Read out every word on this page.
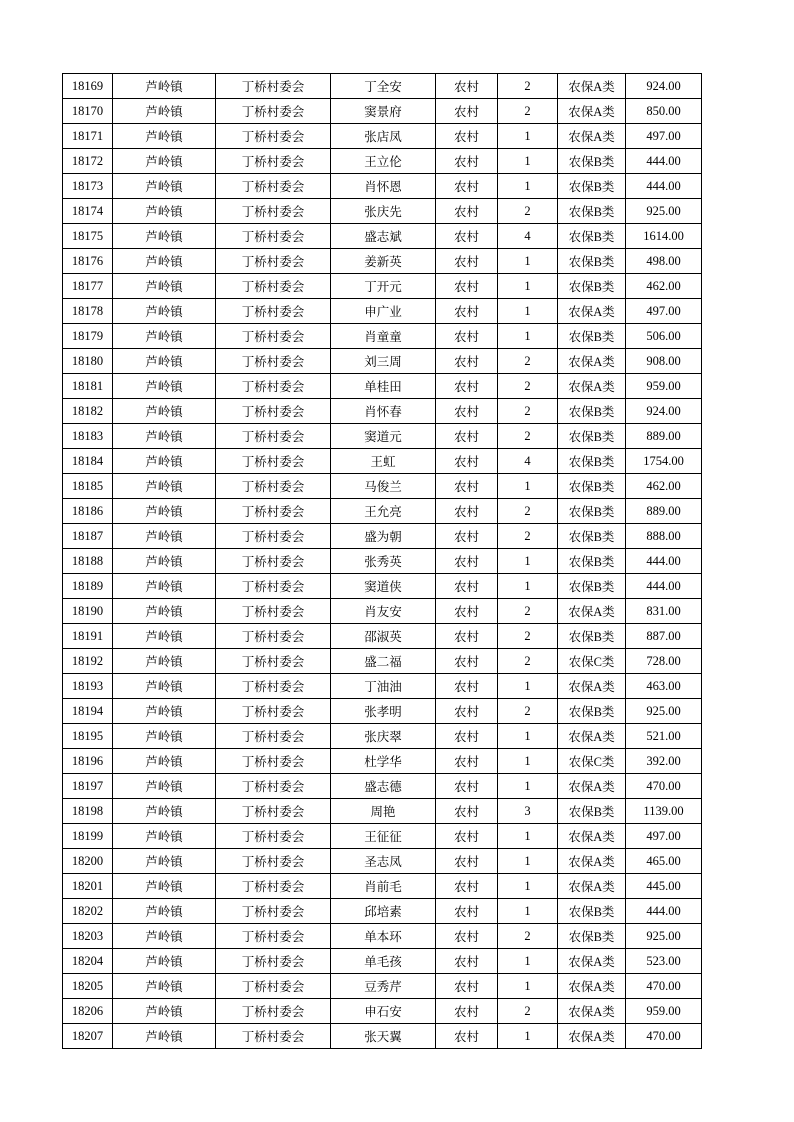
18169	芦岭镇	丁桥村委会	丁全安	农村	2	农保A类	924.00
18170	芦岭镇	丁桥村委会	窦景府	农村	2	农保A类	850.00
18171	芦岭镇	丁桥村委会	张店凤	农村	1	农保A类	497.00
18172	芦岭镇	丁桥村委会	王立伦	农村	1	农保B类	444.00
18173	芦岭镇	丁桥村委会	肖怀恩	农村	1	农保B类	444.00
18174	芦岭镇	丁桥村委会	张庆先	农村	2	农保B类	925.00
18175	芦岭镇	丁桥村委会	盛志斌	农村	4	农保B类	1614.00
18176	芦岭镇	丁桥村委会	姜新英	农村	1	农保B类	498.00
18177	芦岭镇	丁桥村委会	丁开元	农村	1	农保B类	462.00
18178	芦岭镇	丁桥村委会	申广业	农村	1	农保A类	497.00
18179	芦岭镇	丁桥村委会	肖童童	农村	1	农保B类	506.00
18180	芦岭镇	丁桥村委会	刘三周	农村	2	农保A类	908.00
18181	芦岭镇	丁桥村委会	单桂田	农村	2	农保A类	959.00
18182	芦岭镇	丁桥村委会	肖怀春	农村	2	农保B类	924.00
18183	芦岭镇	丁桥村委会	窦道元	农村	2	农保B类	889.00
18184	芦岭镇	丁桥村委会	王虹	农村	4	农保B类	1754.00
18185	芦岭镇	丁桥村委会	马俊兰	农村	1	农保B类	462.00
18186	芦岭镇	丁桥村委会	王允亮	农村	2	农保B类	889.00
18187	芦岭镇	丁桥村委会	盛为朝	农村	2	农保B类	888.00
18188	芦岭镇	丁桥村委会	张秀英	农村	1	农保B类	444.00
18189	芦岭镇	丁桥村委会	窦道侠	农村	1	农保B类	444.00
18190	芦岭镇	丁桥村委会	肖友安	农村	2	农保A类	831.00
18191	芦岭镇	丁桥村委会	邵淑英	农村	2	农保B类	887.00
18192	芦岭镇	丁桥村委会	盛二福	农村	2	农保C类	728.00
18193	芦岭镇	丁桥村委会	丁油油	农村	1	农保A类	463.00
18194	芦岭镇	丁桥村委会	张孝明	农村	2	农保B类	925.00
18195	芦岭镇	丁桥村委会	张庆翠	农村	1	农保A类	521.00
18196	芦岭镇	丁桥村委会	杜学华	农村	1	农保C类	392.00
18197	芦岭镇	丁桥村委会	盛志德	农村	1	农保A类	470.00
18198	芦岭镇	丁桥村委会	周艳	农村	3	农保B类	1139.00
18199	芦岭镇	丁桥村委会	王征征	农村	1	农保A类	497.00
18200	芦岭镇	丁桥村委会	圣志凤	农村	1	农保A类	465.00
18201	芦岭镇	丁桥村委会	肖前毛	农村	1	农保A类	445.00
18202	芦岭镇	丁桥村委会	邱培素	农村	1	农保B类	444.00
18203	芦岭镇	丁桥村委会	单本环	农村	2	农保B类	925.00
18204	芦岭镇	丁桥村委会	单毛孩	农村	1	农保A类	523.00
18205	芦岭镇	丁桥村委会	豆秀芹	农村	1	农保A类	470.00
18206	芦岭镇	丁桥村委会	申石安	农村	2	农保A类	959.00
18207	芦岭镇	丁桥村委会	张天翼	农村	1	农保A类	470.00
